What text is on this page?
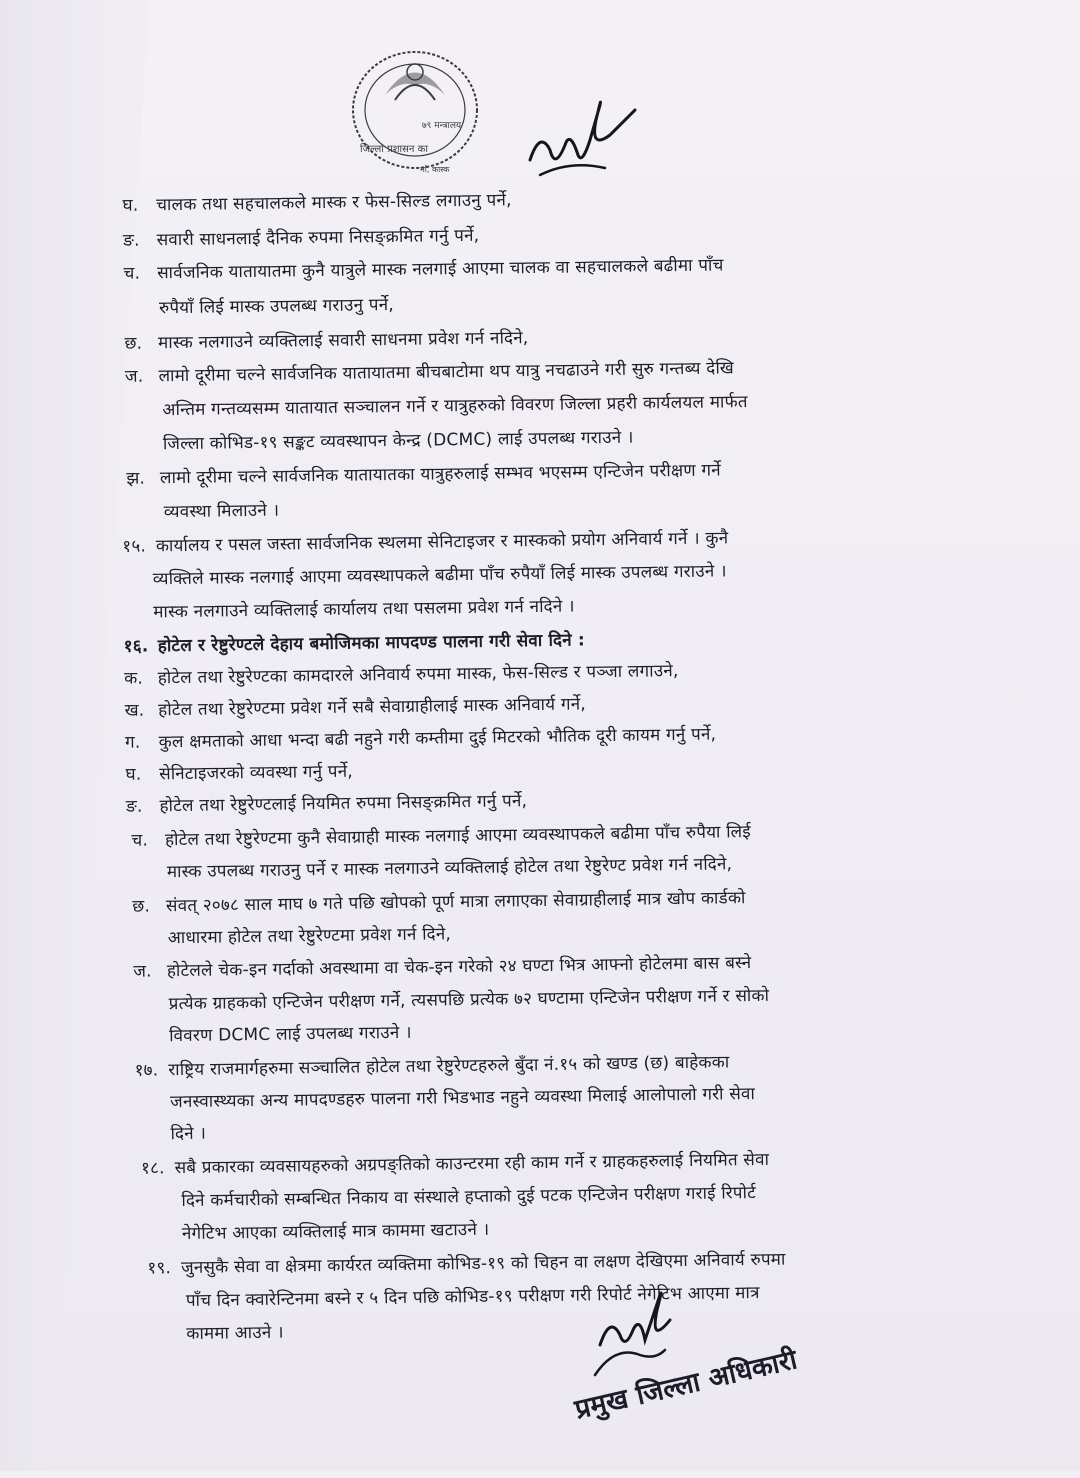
७९ मन्त्रालय
जिल्ला प्रशासन का
र्मा, कास्क
घ. चालक तथा सहचालकले मास्क र फेस-सिल्ड लगाउनु पर्ने,
ङ. सवारी साधनलाई दैनिक रुपमा निसङ्क्रमित गर्नु पर्ने,
च. सार्वजनिक यातायातमा कुनै यात्रुले मास्क नलगाई आएमा चालक वा सहचालकले बढीमा पाँच
रुपैयाँ लिई मास्क उपलब्ध गराउनु पर्ने,
छ. मास्क नलगाउने व्यक्तिलाई सवारी साधनमा प्रवेश गर्न नदिने,
ज. लामो दूरीमा चल्ने सार्वजनिक यातायातमा बीचबाटोमा थप यात्रु नचढाउने गरी सुरु गन्तब्य देखि
अन्तिम गन्तव्यसम्म यातायात सञ्चालन गर्ने र यात्रुहरुको विवरण जिल्ला प्रहरी कार्यलयल मार्फत
जिल्ला कोभिड-१९ सङ्कट व्यवस्थापन केन्द्र (DCMC) लाई उपलब्ध गराउने ।
झ. लामो दूरीमा चल्ने सार्वजनिक यातायातका यात्रुहरुलाई सम्भव भएसम्म एन्टिजेन परीक्षण गर्ने
व्यवस्था मिलाउने ।
१५. कार्यालय र पसल जस्ता सार्वजनिक स्थलमा सेनिटाइजर र मास्कको प्रयोग अनिवार्य गर्ने । कुनै
व्यक्तिले मास्क नलगाई आएमा व्यवस्थापकले बढीमा पाँच रुपैयाँ लिई मास्क उपलब्ध गराउने ।
मास्क नलगाउने व्यक्तिलाई कार्यालय तथा पसलमा प्रवेश गर्न नदिने ।
१६. होटेल र रेष्टुरेण्टले देहाय बमोजिमका मापदण्ड पालना गरी सेवा दिने :
क. होटेल तथा रेष्टुरेण्टका कामदारले अनिवार्य रुपमा मास्क, फेस-सिल्ड र पञ्जा लगाउने,
ख. होटेल तथा रेष्टुरेण्टमा प्रवेश गर्ने सबै सेवाग्राहीलाई मास्क अनिवार्य गर्ने,
ग. कुल क्षमताको आधा भन्दा बढी नहुने गरी कम्तीमा दुई मिटरको भौतिक दूरी कायम गर्नु पर्ने,
घ. सेनिटाइजरको व्यवस्था गर्नु पर्ने,
ङ. होटेल तथा रेष्टुरेण्टलाई नियमित रुपमा निसङ्क्रमित गर्नु पर्ने,
च. होटेल तथा रेष्टुरेण्टमा कुनै सेवाग्राही मास्क नलगाई आएमा व्यवस्थापकले बढीमा पाँच रुपैया लिई
मास्क उपलब्ध गराउनु पर्ने र मास्क नलगाउने व्यक्तिलाई होटेल तथा रेष्टुरेण्ट प्रवेश गर्न नदिने,
छ. संवत् २०७८ साल माघ ७ गते पछि खोपको पूर्ण मात्रा लगाएका सेवाग्राहीलाई मात्र खोप कार्डको
आधारमा होटेल तथा रेष्टुरेण्टमा प्रवेश गर्न दिने,
ज. होटेलले चेक-इन गर्दाको अवस्थामा वा चेक-इन गरेको २४ घण्टा भित्र आफ्नो होटेलमा बास बस्ने
प्रत्येक ग्राहकको एन्टिजेन परीक्षण गर्ने, त्यसपछि प्रत्येक ७२ घण्टामा एन्टिजेन परीक्षण गर्ने र सोको
विवरण DCMC लाई उपलब्ध गराउने ।
१७. राष्ट्रिय राजमार्गहरुमा सञ्चालित होटेल तथा रेष्टुरेण्टहरुले बुँदा नं.१५ को खण्ड (छ) बाहेकका
जनस्वास्थ्यका अन्य मापदण्डहरु पालना गरी भिडभाड नहुने व्यवस्था मिलाई आलोपालो गरी सेवा
दिने ।
१८. सबै प्रकारका व्यवसायहरुको अग्रपङ्तिको काउन्टरमा रही काम गर्ने र ग्राहकहरुलाई नियमित सेवा
दिने कर्मचारीको सम्बन्धित निकाय वा संस्थाले हप्ताको दुई पटक एन्टिजेन परीक्षण गराई रिपोर्ट
नेगेटिभ आएका व्यक्तिलाई मात्र काममा खटाउने ।
१९. जुनसुकै सेवा वा क्षेत्रमा कार्यरत व्यक्तिमा कोभिड-१९ को चिहन वा लक्षण देखिएमा अनिवार्य रुपमा
पाँच दिन क्वारेन्टिनमा बस्ने र ५ दिन पछि कोभिड-१९ परीक्षण गरी रिपोर्ट नेगेटिभ आएमा मात्र
काममा आउने ।
प्रमुख जिल्ला अधिकारी
